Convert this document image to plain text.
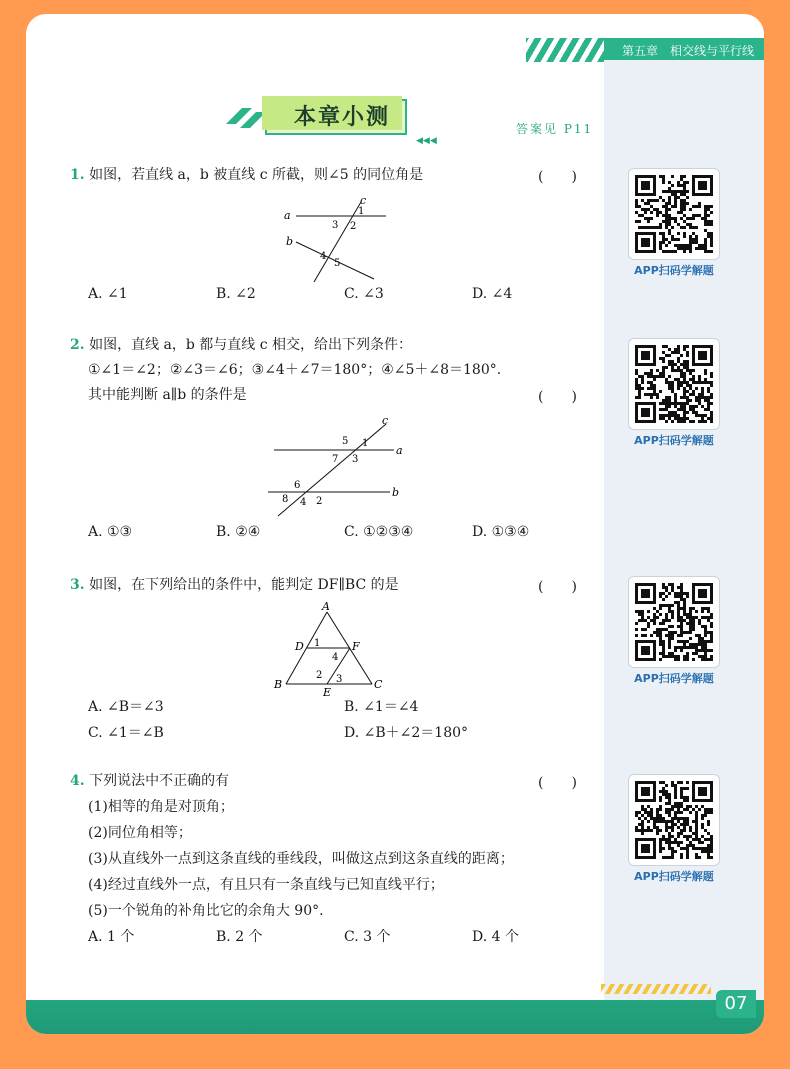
第五章　相交线与平行线
本章小测	答案见 P11
◀◀◀
1. 如图，若直线 a，b 被直线 c 所截，则∠5 的同位角是	(　　)
a
b
c
1
2
3
4
5
A. ∠1	B. ∠2	C. ∠3	D. ∠4
2. 如图，直线 a，b 都与直线 c 相交，给出下列条件：
①∠1＝∠2；②∠3＝∠6；③∠4＋∠7＝180°；④∠5＋∠8＝180°.
其中能判断 a∥b 的条件是	(　　)
a
b
c
1
2
3
4
5
6
7
8
A. ①③	B. ②④	C. ①②③④	D. ①③④
3. 如图，在下列给出的条件中，能判定 DF∥BC 的是	(　　)
A
B	C
D
E
F
1
2 3
4
A. ∠B＝∠3	B. ∠1＝∠4
C. ∠1＝∠B	D. ∠B＋∠2＝180°
4. 下列说法中不正确的有	(　　)
(1)相等的角是对顶角；
(2)同位角相等；
(3)从直线外一点到这条直线的垂线段，叫做这点到这条直线的距离；
(4)经过直线外一点，有且只有一条直线与已知直线平行；
(5)一个锐角的补角比它的余角大 90°.
A. 1 个	B. 2 个	C. 3 个	D. 4 个
APP扫码学解题
APP扫码学解题
APP扫码学解题
APP扫码学解题
07
